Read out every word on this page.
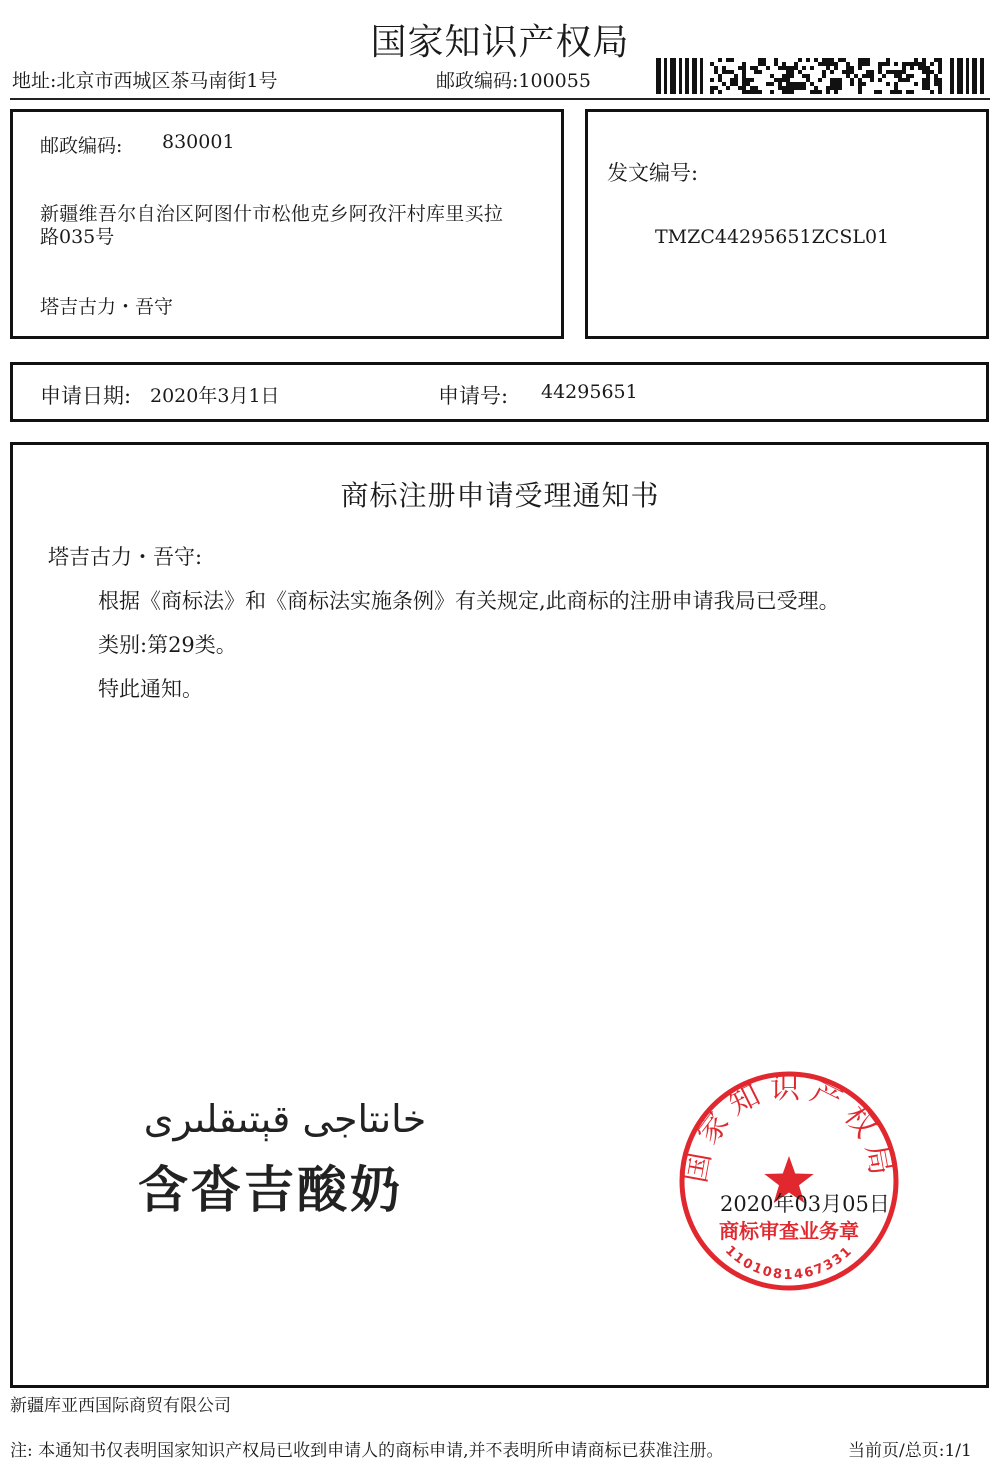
国家知识产权局
地址:北京市西城区茶马南街1号	邮政编码:100055
邮政编码: 830001
新疆维吾尔自治区阿图什市松他克乡阿孜汗村库里买拉
路035号
塔吉古力・吾守
发文编号:
TMZC44295651ZCSL01
申请日期: 2020年3月1日	申请号: 44295651
商标注册申请受理通知书
塔吉古力・吾守:
根据《商标法》和《商标法实施条例》有关规定,此商标的注册申请我局已受理。
类别:第29类。
特此通知。
خانتاجى قېتىقلىرى
含沓吉酸奶	国家知识产权局
商标审查业务章
1101081467331
2020年03月05日
新疆库亚西国际商贸有限公司
注: 本通知书仅表明国家知识产权局已收到申请人的商标申请,并不表明所申请商标已获准注册。	当前页/总页:1/1
